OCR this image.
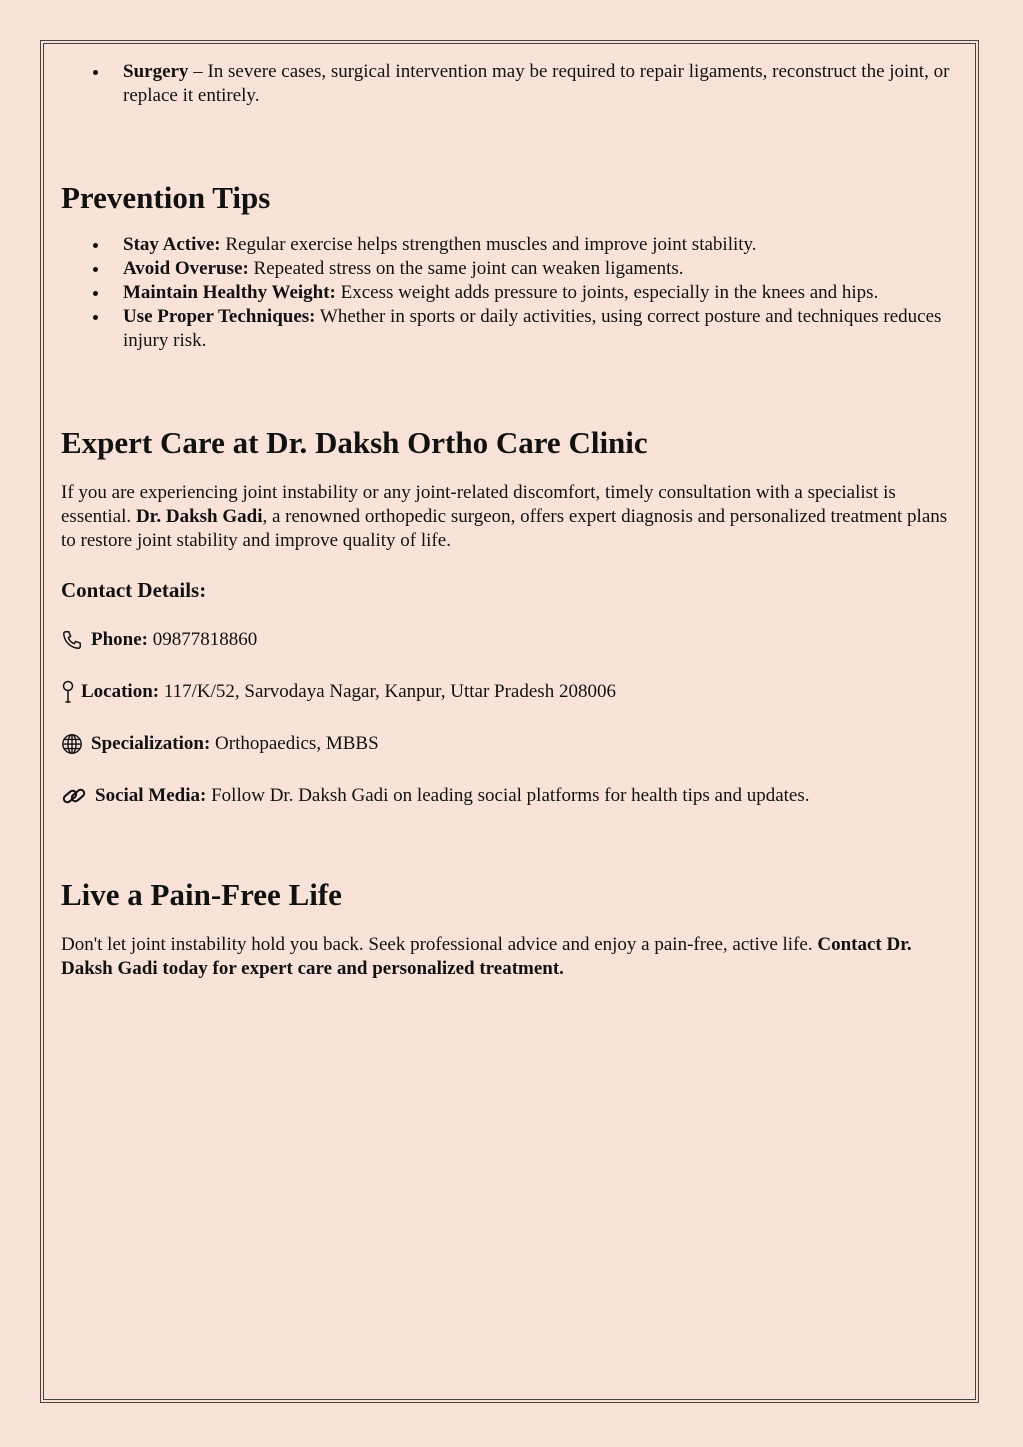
Surgery – In severe cases, surgical intervention may be required to repair ligaments, reconstruct the joint, or replace it entirely.
Prevention Tips
Stay Active: Regular exercise helps strengthen muscles and improve joint stability.
Avoid Overuse: Repeated stress on the same joint can weaken ligaments.
Maintain Healthy Weight: Excess weight adds pressure to joints, especially in the knees and hips.
Use Proper Techniques: Whether in sports or daily activities, using correct posture and techniques reduces injury risk.
Expert Care at Dr. Daksh Ortho Care Clinic

If you are experiencing joint instability or any joint-related discomfort, timely consultation with a specialist is essential. Dr. Daksh Gadi, a renowned orthopedic surgeon, offers expert diagnosis and personalized treatment plans to restore joint stability and improve quality of life.

Contact Details:
Phone: 09877818860
Location: 117/K/52, Sarvodaya Nagar, Kanpur, Uttar Pradesh 208006
Specialization: Orthopaedics, MBBS
Social Media: Follow Dr. Daksh Gadi on leading social platforms for health tips and updates.
Live a Pain-Free Life

Don't let joint instability hold you back. Seek professional advice and enjoy a pain-free, active life. Contact Dr. Daksh Gadi today for expert care and personalized treatment.
